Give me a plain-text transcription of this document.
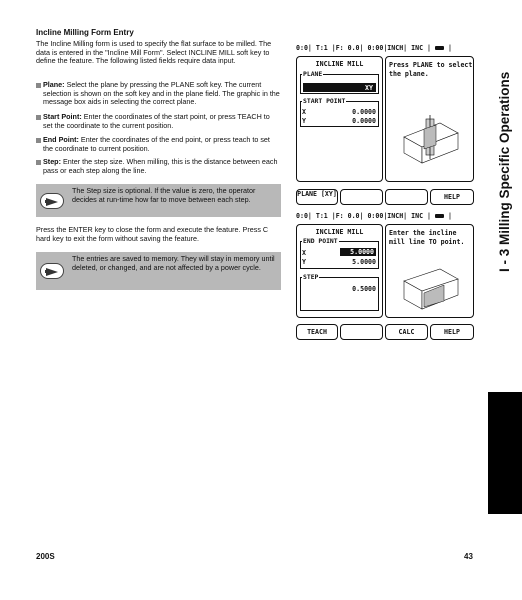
Incline Milling Form Entry
The Incline Milling form is used to specify the flat surface to be milled. The data is entered in the "Incline Mill Form". Select INCLINE MILL soft key to define the feature. The following listed fields require data input.
Plane: Select the plane by pressing the PLANE soft key. The current selection is shown on the soft key and in the plane field. The graphic in the message box aids in selecting the correct plane.
Start Point: Enter the coordinates of the start point, or press TEACH to set the coordinate to the current position.
End Point: Enter the coordinates of the end point, or press teach to set the coordinate to current position.
Step: Enter the step size. When milling, this is the distance between each pass or each step along the line.
The Step size is optional. If the value is zero, the operator decides at run-time how far to move between each step.
Press the ENTER key to close the form and execute the feature. Press C hard key to exit the form without saving the feature.
The entries are saved to memory. They will stay in memory until deleted, or changed, and are not affected by a power cycle.
0:0| T:1 |F: 0.0| 0:00|INCH| INC |	|
INCLINE MILL
XY
PLANE
START POINT
X	0.0000
Y	0.0000
Press PLANE to select the plane.
PLANE [XY]	HELP
0:0| T:1 |F: 0.0| 0:00|INCH| INC |	|
INCLINE MILL
END POINT
X	5.0000
Y	5.0000
STEP
0.5000
Enter the incline mill line TO point.
TEACH	CALC	HELP
I - 3 Milling Specific Operations
200S	43
